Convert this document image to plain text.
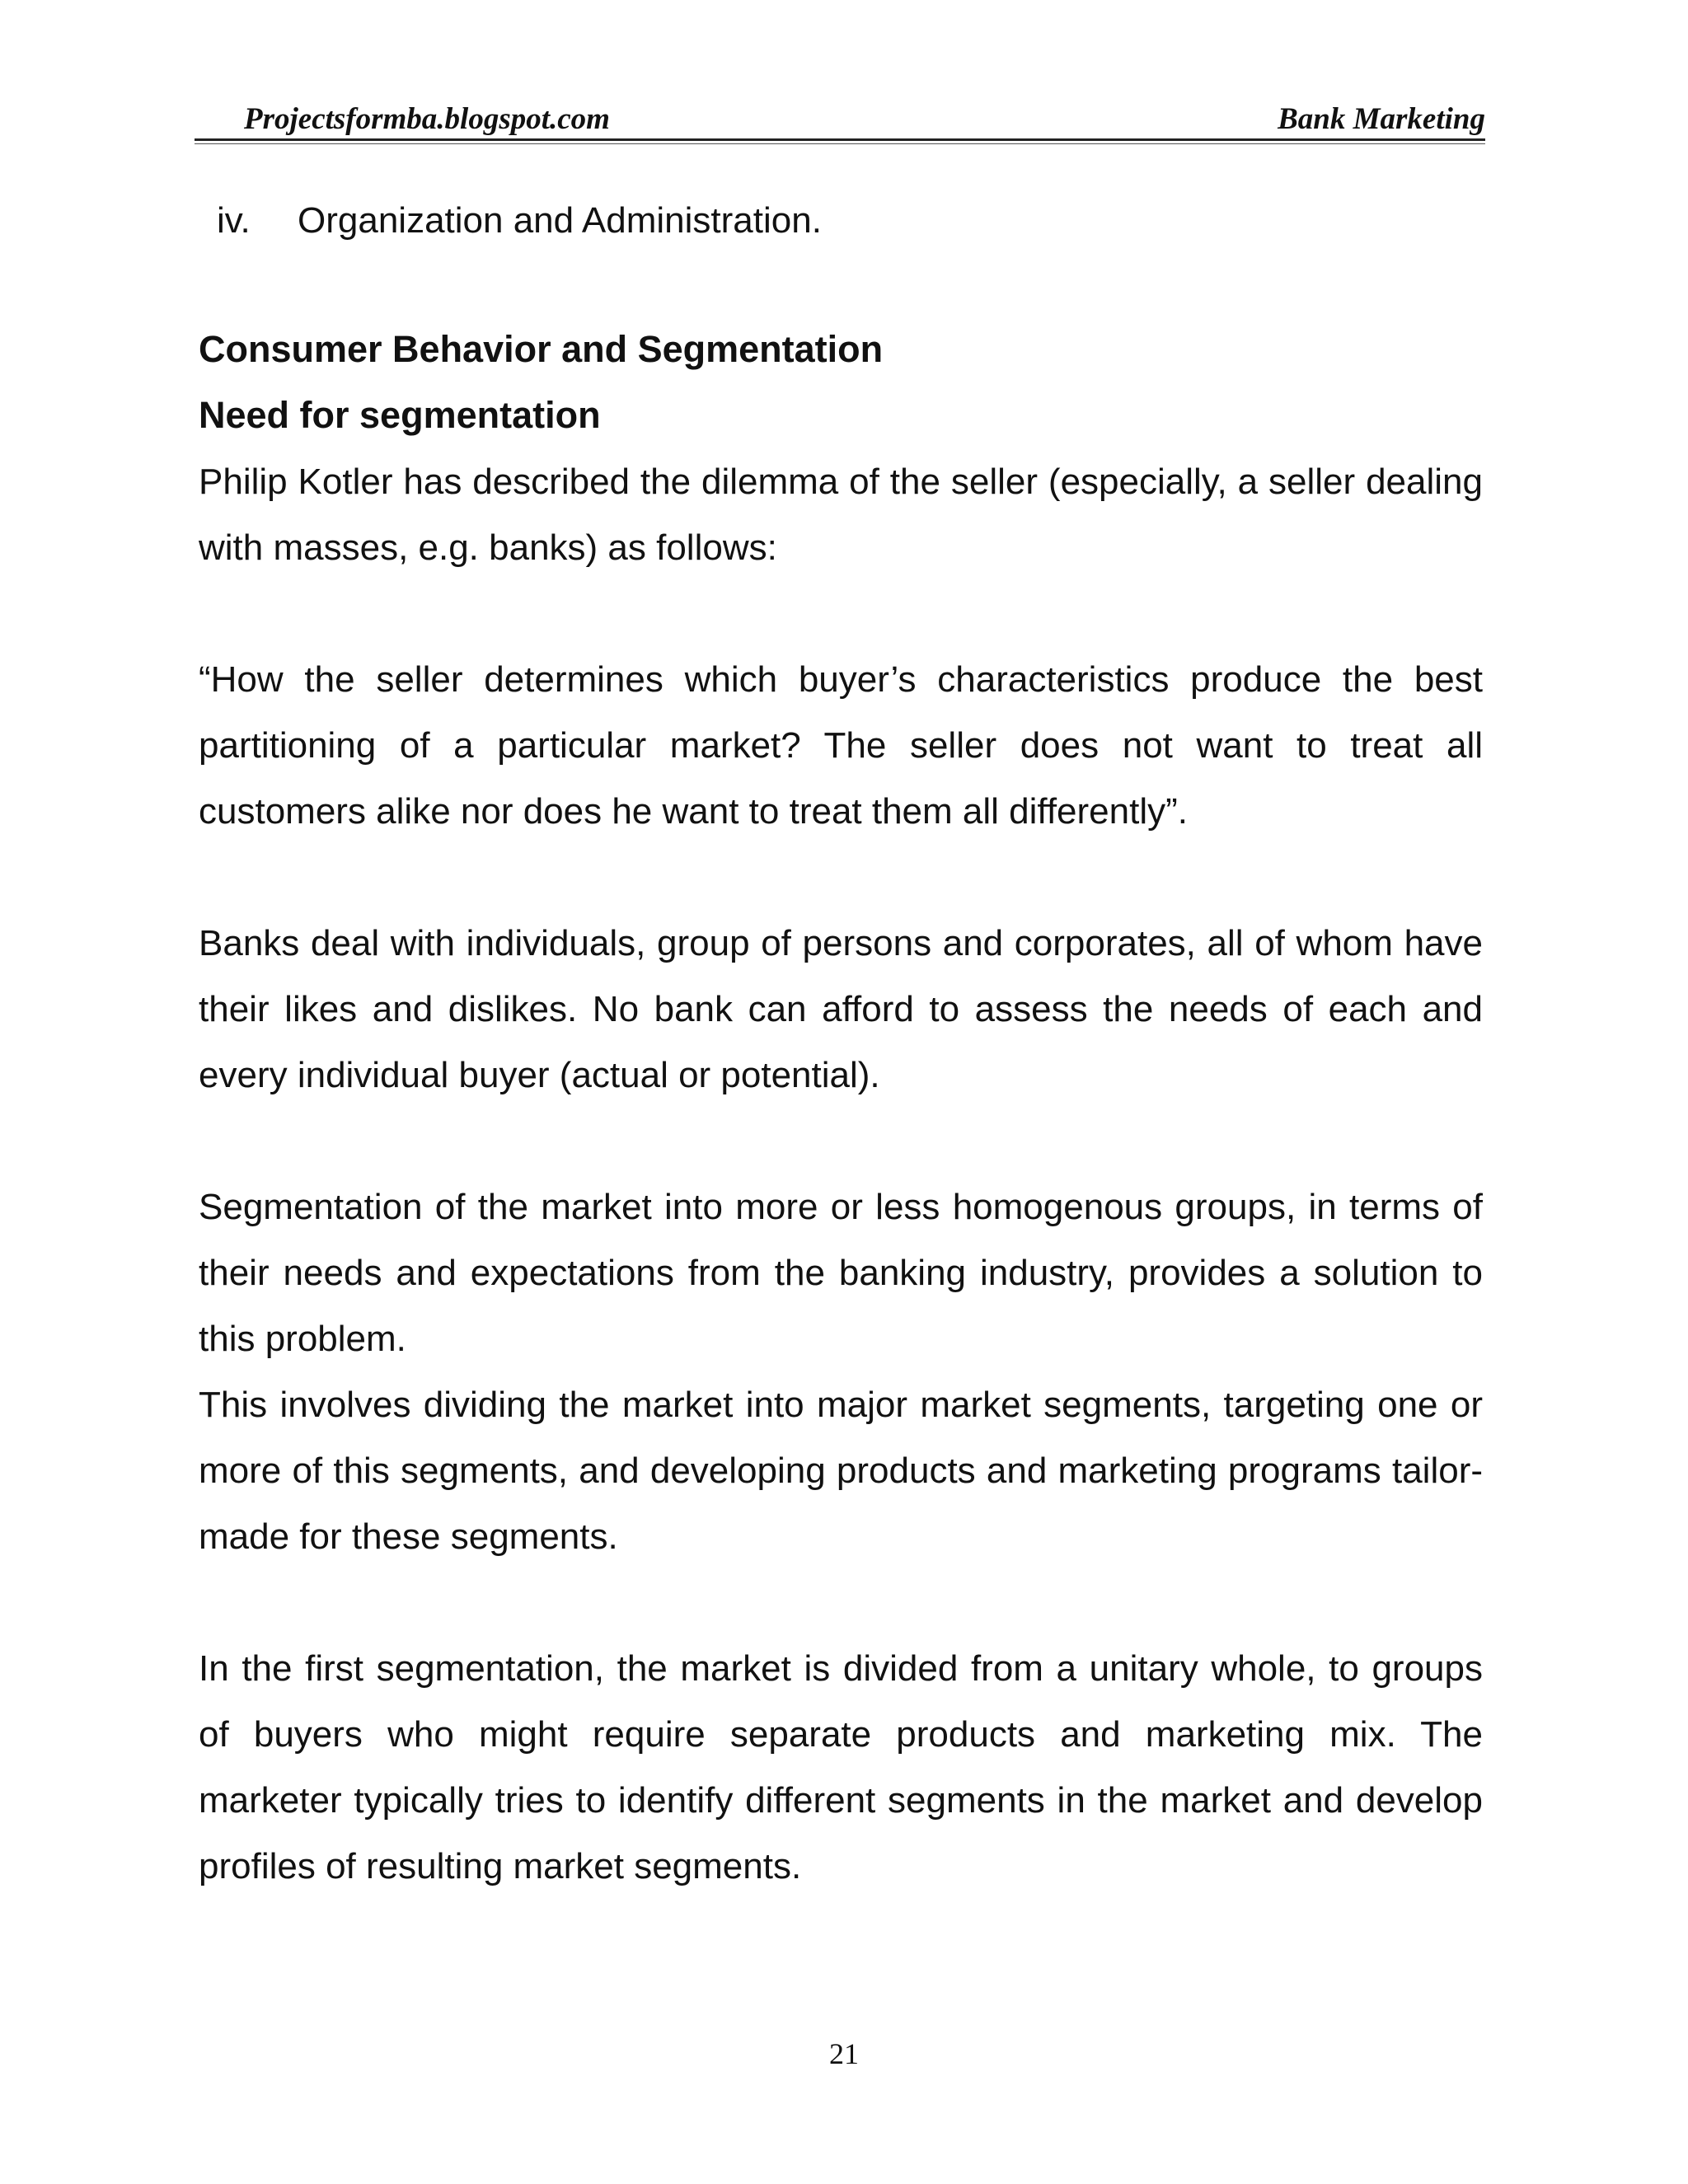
Projectsformba.blogspot.com	Bank Marketing
iv. Organization and Administration.
Consumer Behavior and Segmentation
Need for segmentation

Philip Kotler has described the dilemma of the seller (especially, a seller dealing with masses, e.g. banks) as follows:

“How the seller determines which buyer’s characteristics produce the best partitioning of a particular market? The seller does not want to treat all customers alike nor does he want to treat them all differently”.

Banks deal with individuals, group of persons and corporates, all of whom have their likes and dislikes. No bank can afford to assess the needs of each and every individual buyer (actual or potential).

Segmentation of the market into more or less homogenous groups, in terms of their needs and expectations from the banking industry, provides a solution to this problem.

This involves dividing the market into major market segments, targeting one or more of this segments, and developing products and marketing programs tailor-made for these segments.

In the first segmentation, the market is divided from a unitary whole, to groups of buyers who might require separate products and marketing mix. The marketer typically tries to identify different segments in the market and develop profiles of resulting market segments.

21
